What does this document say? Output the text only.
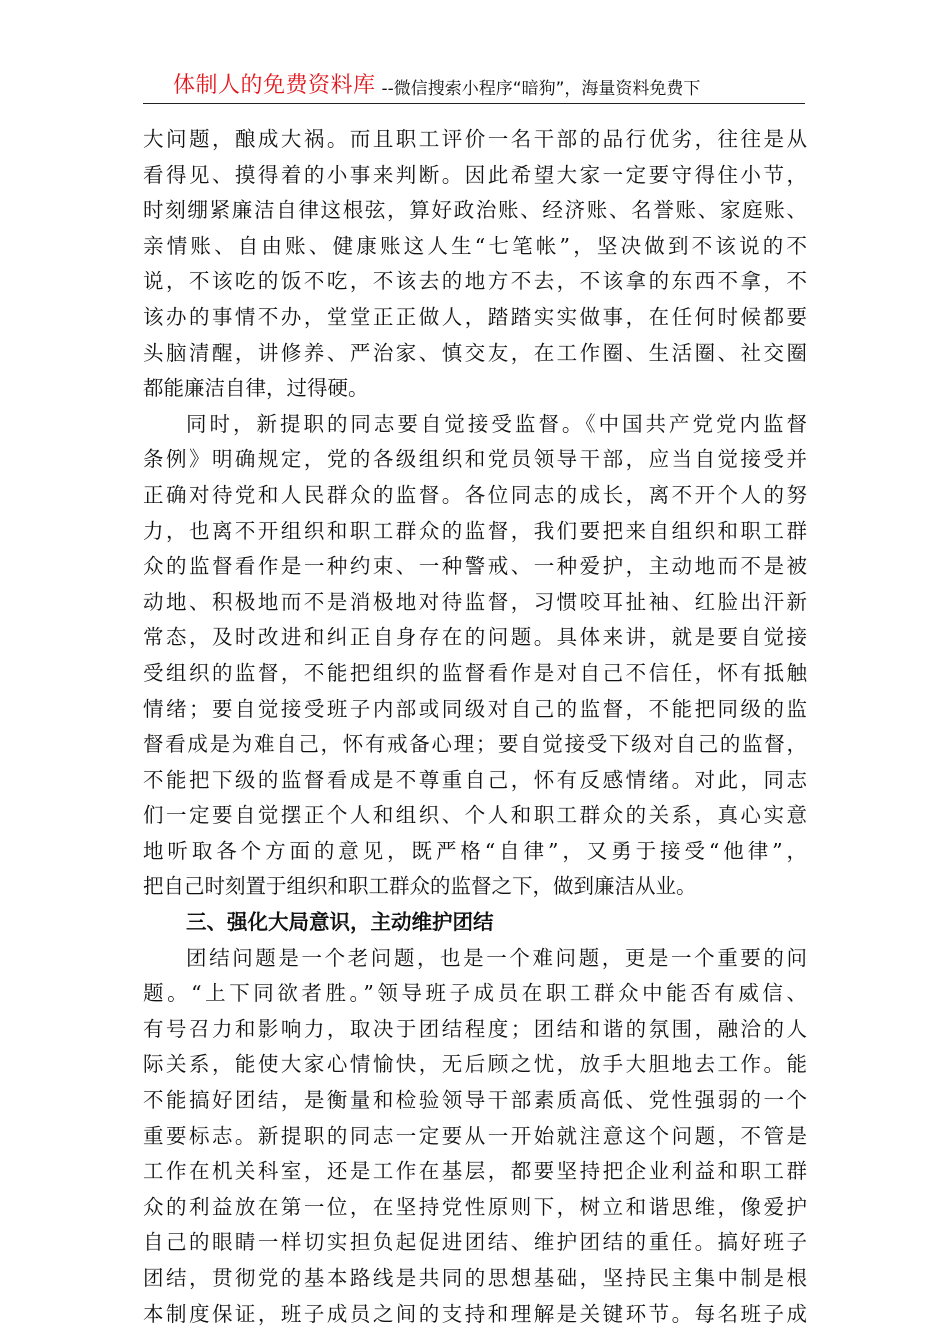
体制人的免费资料库 --微信搜索小程序“暗狗”，海量资料免费下
大问题，酿成大祸。而且职工评价一名干部的品行优劣，往往是从
看得见、摸得着的小事来判断。因此希望大家一定要守得住小节，
时刻绷紧廉洁自律这根弦，算好政治账、经济账、名誉账、家庭账、
亲情账、自由账、健康账这人生“七笔帐”，坚决做到不该说的不
说，不该吃的饭不吃，不该去的地方不去，不该拿的东西不拿，不
该办的事情不办，堂堂正正做人，踏踏实实做事，在任何时候都要
头脑清醒，讲修养、严治家、慎交友，在工作圈、生活圈、社交圈
都能廉洁自律，过得硬。
同时，新提职的同志要自觉接受监督。《中国共产党党内监督
条例》明确规定，党的各级组织和党员领导干部，应当自觉接受并
正确对待党和人民群众的监督。各位同志的成长，离不开个人的努
力，也离不开组织和职工群众的监督，我们要把来自组织和职工群
众的监督看作是一种约束、一种警戒、一种爱护，主动地而不是被
动地、积极地而不是消极地对待监督，习惯咬耳扯袖、红脸出汗新
常态，及时改进和纠正自身存在的问题。具体来讲，就是要自觉接
受组织的监督，不能把组织的监督看作是对自己不信任，怀有抵触
情绪；要自觉接受班子内部或同级对自己的监督，不能把同级的监
督看成是为难自己，怀有戒备心理；要自觉接受下级对自己的监督，
不能把下级的监督看成是不尊重自己，怀有反感情绪。对此，同志
们一定要自觉摆正个人和组织、个人和职工群众的关系，真心实意
地听取各个方面的意见，既严格“自律”，又勇于接受“他律”，
把自己时刻置于组织和职工群众的监督之下，做到廉洁从业。
三、强化大局意识，主动维护团结
团结问题是一个老问题，也是一个难问题，更是一个重要的问
题。“上下同欲者胜。”领导班子成员在职工群众中能否有威信、
有号召力和影响力，取决于团结程度；团结和谐的氛围，融洽的人
际关系，能使大家心情愉快，无后顾之忧，放手大胆地去工作。能
不能搞好团结，是衡量和检验领导干部素质高低、党性强弱的一个
重要标志。新提职的同志一定要从一开始就注意这个问题，不管是
工作在机关科室，还是工作在基层，都要坚持把企业利益和职工群
众的利益放在第一位，在坚持党性原则下，树立和谐思维，像爱护
自己的眼睛一样切实担负起促进团结、维护团结的重任。搞好班子
团结，贯彻党的基本路线是共同的思想基础，坚持民主集中制是根
本制度保证，班子成员之间的支持和理解是关键环节。每名班子成
